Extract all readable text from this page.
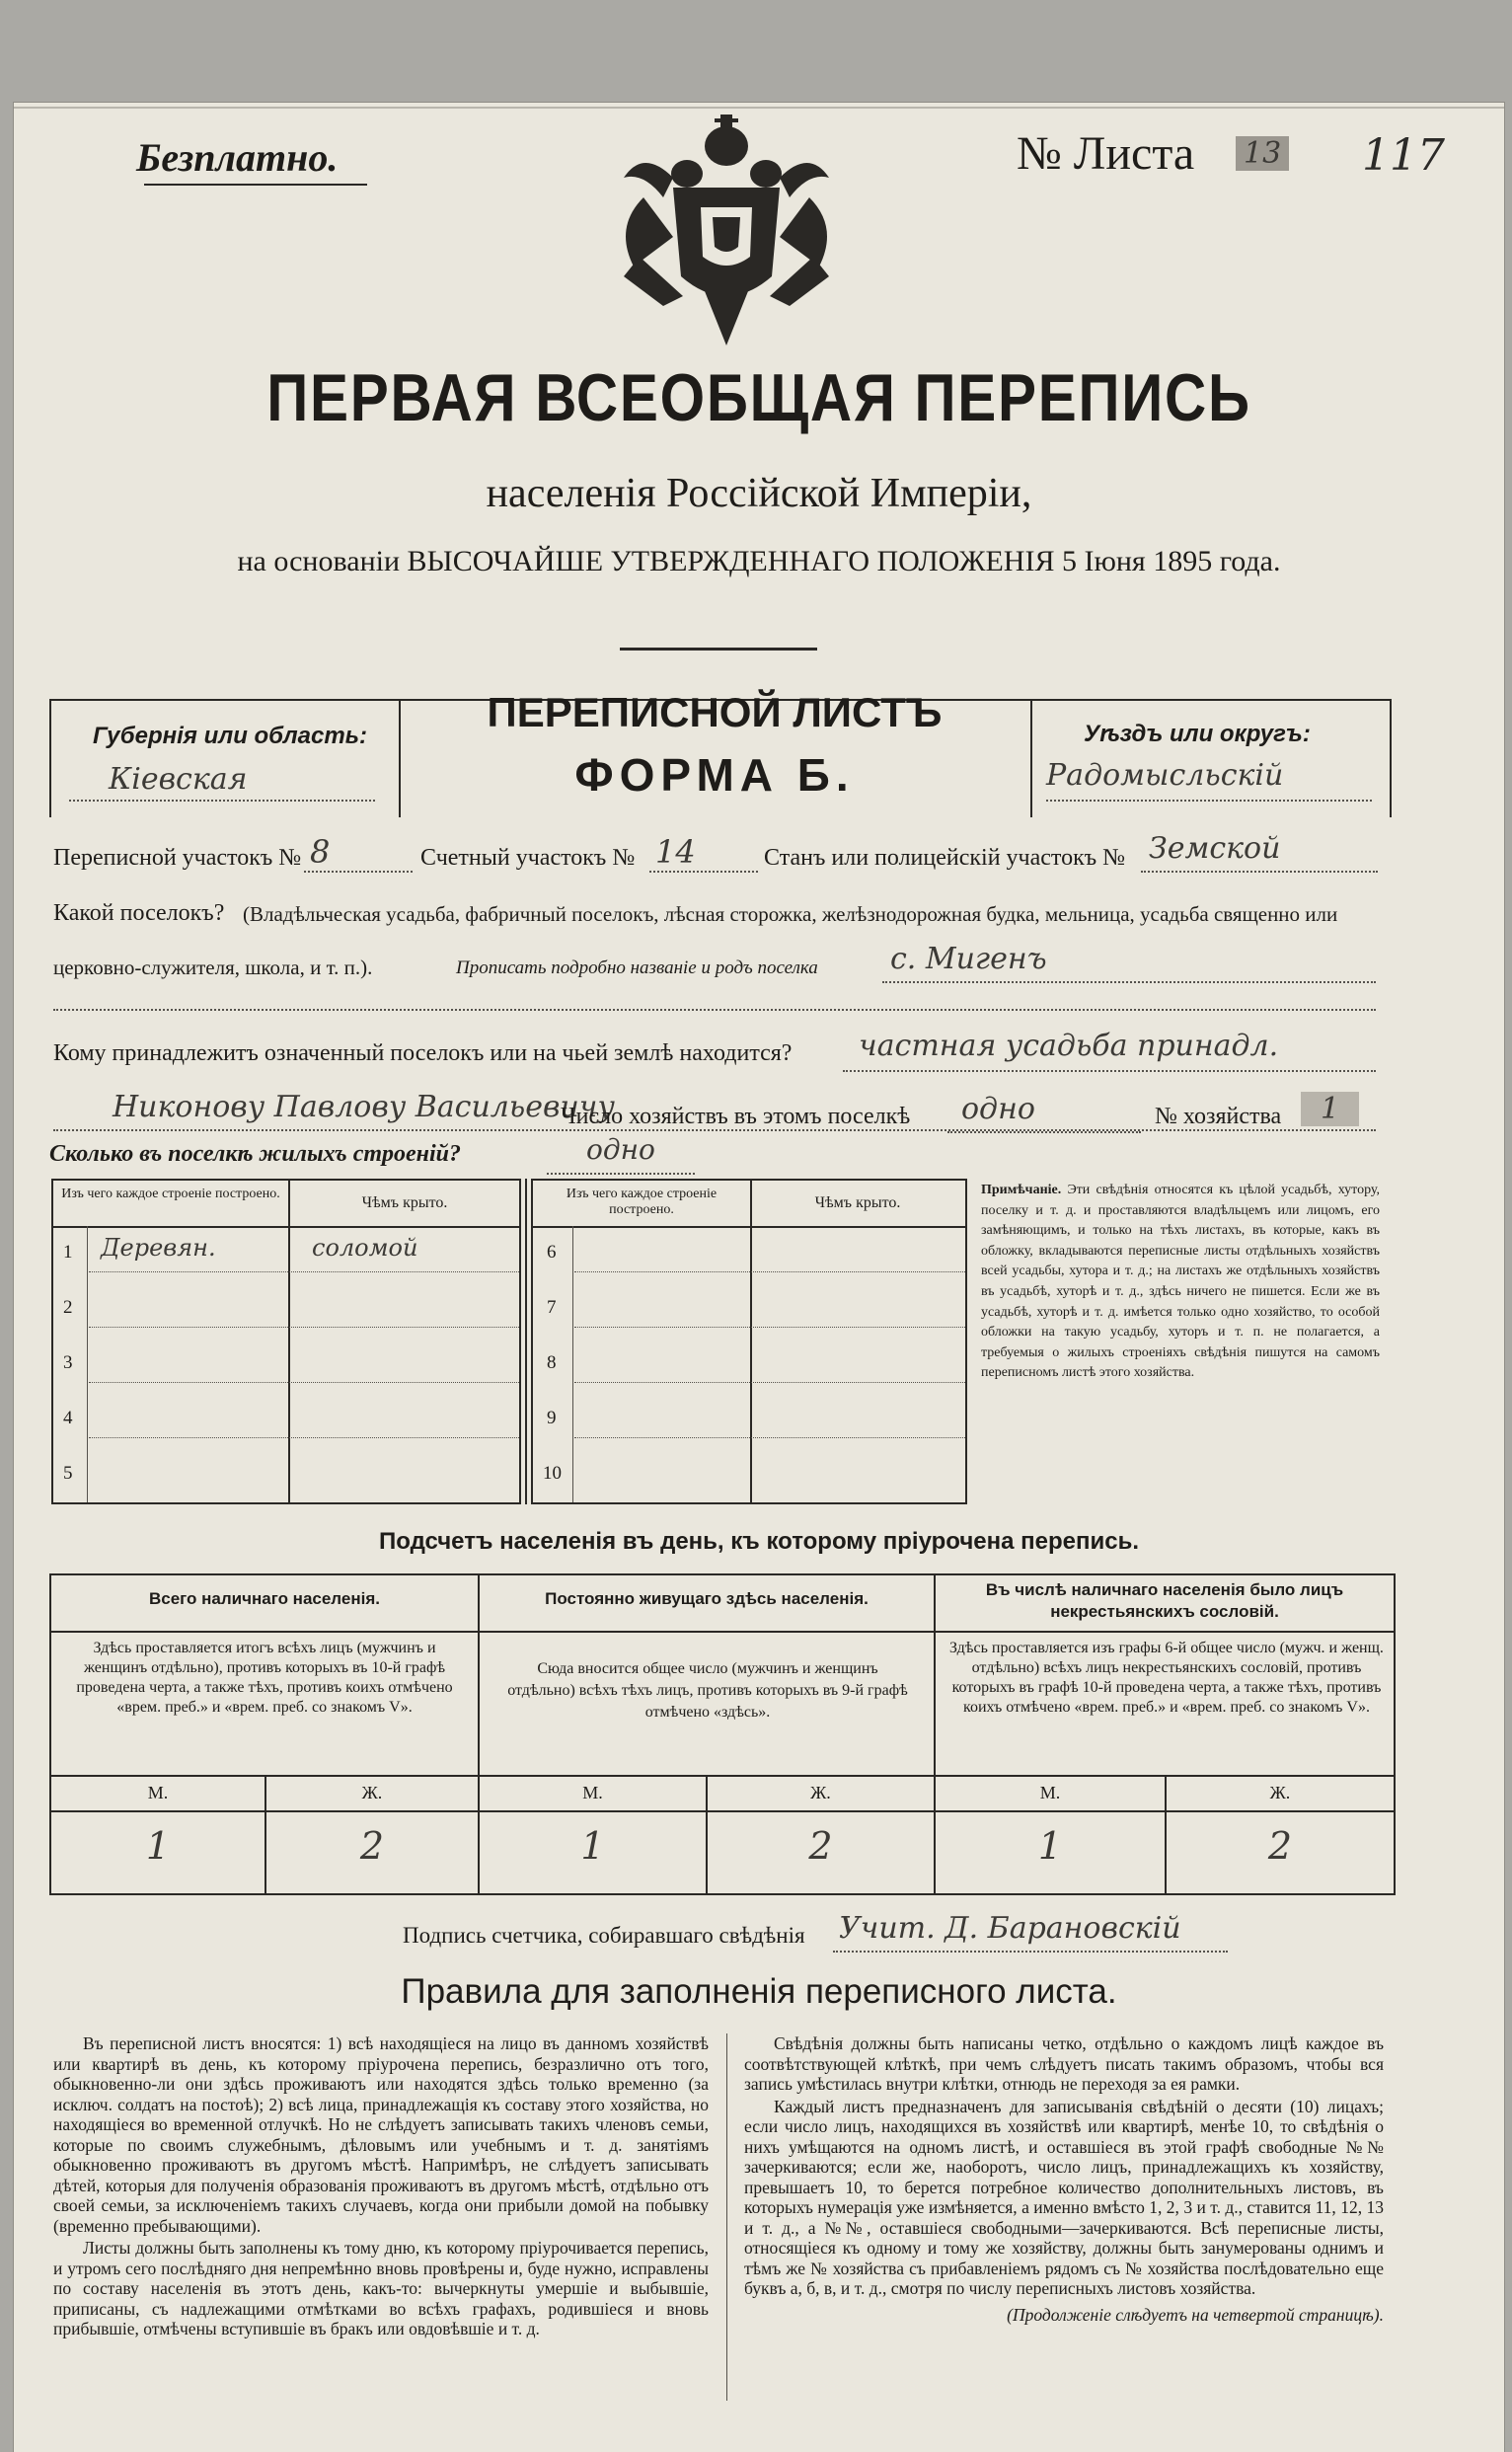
Безплатно.	№ Листа 13 117
ПЕРВАЯ ВСЕОБЩАЯ ПЕРЕПИСЬ
населенія Россійской Имперіи,
на основаніи ВЫСОЧАЙШЕ УТВЕРЖДЕННАГО ПОЛОЖЕНІЯ 5 Іюня 1895 года.
Губернія или область:
Кіевская
ПЕРЕПИСНОЙ ЛИСТЪ
ФОРМА Б.
Уѣздъ или округъ:
Радомысльскій
Переписной участокъ № 8	Счетный участокъ № 14	Станъ или полицейскій участокъ № Земской
Какой поселокъ? (Владѣльческая усадьба, фабричный поселокъ, лѣсная сторожка, желѣзнодорожная будка, мельница, усадьба священно или
церковно-служителя, школа, и т. п.).	Прописать подробно названіе и родъ поселка с. Мигенъ
Кому принадлежитъ означенный поселокъ или на чьей землѣ находится? частная усадьба принадл.
Никонову Павлову Васильевичу
Число хозяйствъ въ этомъ поселкѣ одно	№ хозяйства	1
Сколько въ поселкѣ жилыхъ строеній?	одно
Изъ чего каждое строеніе построено.
Чѣмъ крыто.
1 Деревян.	соломой
2
3
4
5
Изъ чего каждое строеніе построено.	Чѣмъ крыто.
6
7
8
9
10
Примѣчаніе. Эти свѣдѣнія относятся къ цѣлой усадьбѣ, хутору, поселку и т. д. и проставляются владѣльцемъ или лицомъ, его замѣняющимъ, и только на тѣхъ листахъ, въ которые, какъ въ обложку, вкладываются переписные листы отдѣльныхъ хозяйствъ всей усадьбы, хутора и т. д.; на листахъ же отдѣльныхъ хозяйствъ въ усадьбѣ, хуторѣ и т. д., здѣсь ничего не пишется. Если же въ усадьбѣ, хуторѣ и т. д. имѣется только одно хозяйство, то особой обложки на такую усадьбу, хуторъ и т. п. не полагается, а требуемыя о жилыхъ строеніяхъ свѣдѣнія пишутся на самомъ переписномъ листѣ этого хозяйства.
Подсчетъ населенія въ день, къ которому пріурочена перепись.
Всего наличнаго населенія.
Здѣсь проставляется итогъ всѣхъ лицъ (мужчинъ и женщинъ отдѣльно), противъ которыхъ въ 10-й графѣ проведена черта, а также тѣхъ, противъ коихъ отмѣчено «врем. преб.» и «врем. преб. со знакомъ V».
Постоянно живущаго здѣсь населенія.
Сюда вносится общее число (мужчинъ и женщинъ отдѣльно) всѣхъ тѣхъ лицъ, противъ которыхъ въ 9-й графѣ отмѣчено «здѣсь».
Въ числѣ наличнаго населенія было лицъ некрестьянскихъ сословій.
Здѣсь проставляется изъ графы 6-й общее число (мужч. и женщ. отдѣльно) всѣхъ лицъ некрестьянскихъ сословій, противъ которыхъ въ графѣ 10-й проведена черта, а также тѣхъ, противъ коихъ отмѣчено «врем. преб.» и «врем. преб. со знакомъ V».
М.	Ж.	М.	Ж.	М.	Ж.
1	2	1	2	1	2
Подпись счетчика, собиравшаго свѣдѣнія Учит. Д. Барановскій
Правила для заполненія переписного листа.

Въ переписной листъ вносятся: 1) всѣ находящіеся на лицо въ данномъ хозяйствѣ или квартирѣ въ день, къ которому пріурочена перепись, безразлично отъ того, обыкновенно-ли они здѣсь проживаютъ или находятся здѣсь только временно (за исключ. солдатъ на постоѣ); 2) всѣ лица, принадлежащія къ составу этого хозяйства, но находящіеся во временной отлучкѣ. Но не слѣдуетъ записывать такихъ членовъ семьи, которые по своимъ служебнымъ, дѣловымъ или учебнымъ и т. д. занятіямъ обыкновенно проживаютъ въ другомъ мѣстѣ. Напримѣръ, не слѣдуетъ записывать дѣтей, которыя для полученія образованія проживаютъ въ другомъ мѣстѣ, отдѣльно отъ своей семьи, за исключеніемъ такихъ случаевъ, когда они прибыли домой на побывку (временно пребывающими).

Листы должны быть заполнены къ тому дню, къ которому пріурочивается перепись, и утромъ сего послѣдняго дня непремѣнно вновь провѣрены и, буде нужно, исправлены по составу населенія въ этотъ день, какъ-то: вычеркнуты умершіе и выбывшіе, приписаны, съ надлежащими отмѣтками во всѣхъ графахъ, родившіеся и вновь прибывшіе, отмѣчены вступившіе въ бракъ или овдовѣвшіе и т. д.

Свѣдѣнія должны быть написаны четко, отдѣльно о каждомъ лицѣ каждое въ соотвѣтствующей клѣткѣ, при чемъ слѣдуетъ писать такимъ образомъ, чтобы вся запись умѣстилась внутри клѣтки, отнюдь не переходя за ея рамки.

Каждый листъ предназначенъ для записыванія свѣдѣній о десяти (10) лицахъ; если число лицъ, находящихся въ хозяйствѣ или квартирѣ, менѣе 10, то свѣдѣнія о нихъ умѣщаются на одномъ листѣ, и оставшіеся въ этой графѣ свободные №№ зачеркиваются; если же, наоборотъ, число лицъ, принадлежащихъ къ хозяйству, превышаетъ 10, то берется потребное количество дополнительныхъ листовъ, въ которыхъ нумерація уже измѣняется, а именно вмѣсто 1, 2, 3 и т. д., ставится 11, 12, 13 и т. д., а №№, оставшіеся свободными—зачеркиваются. Всѣ переписные листы, относящіеся къ одному и тому же хозяйству, должны быть занумерованы однимъ и тѣмъ же № хозяйства съ прибавленіемъ рядомъ съ № хозяйства послѣдовательно еще буквъ а, б, в, и т. д., смотря по числу переписныхъ листовъ хозяйства.

(Продолженіе слѣдуетъ на четвертой страницѣ).
